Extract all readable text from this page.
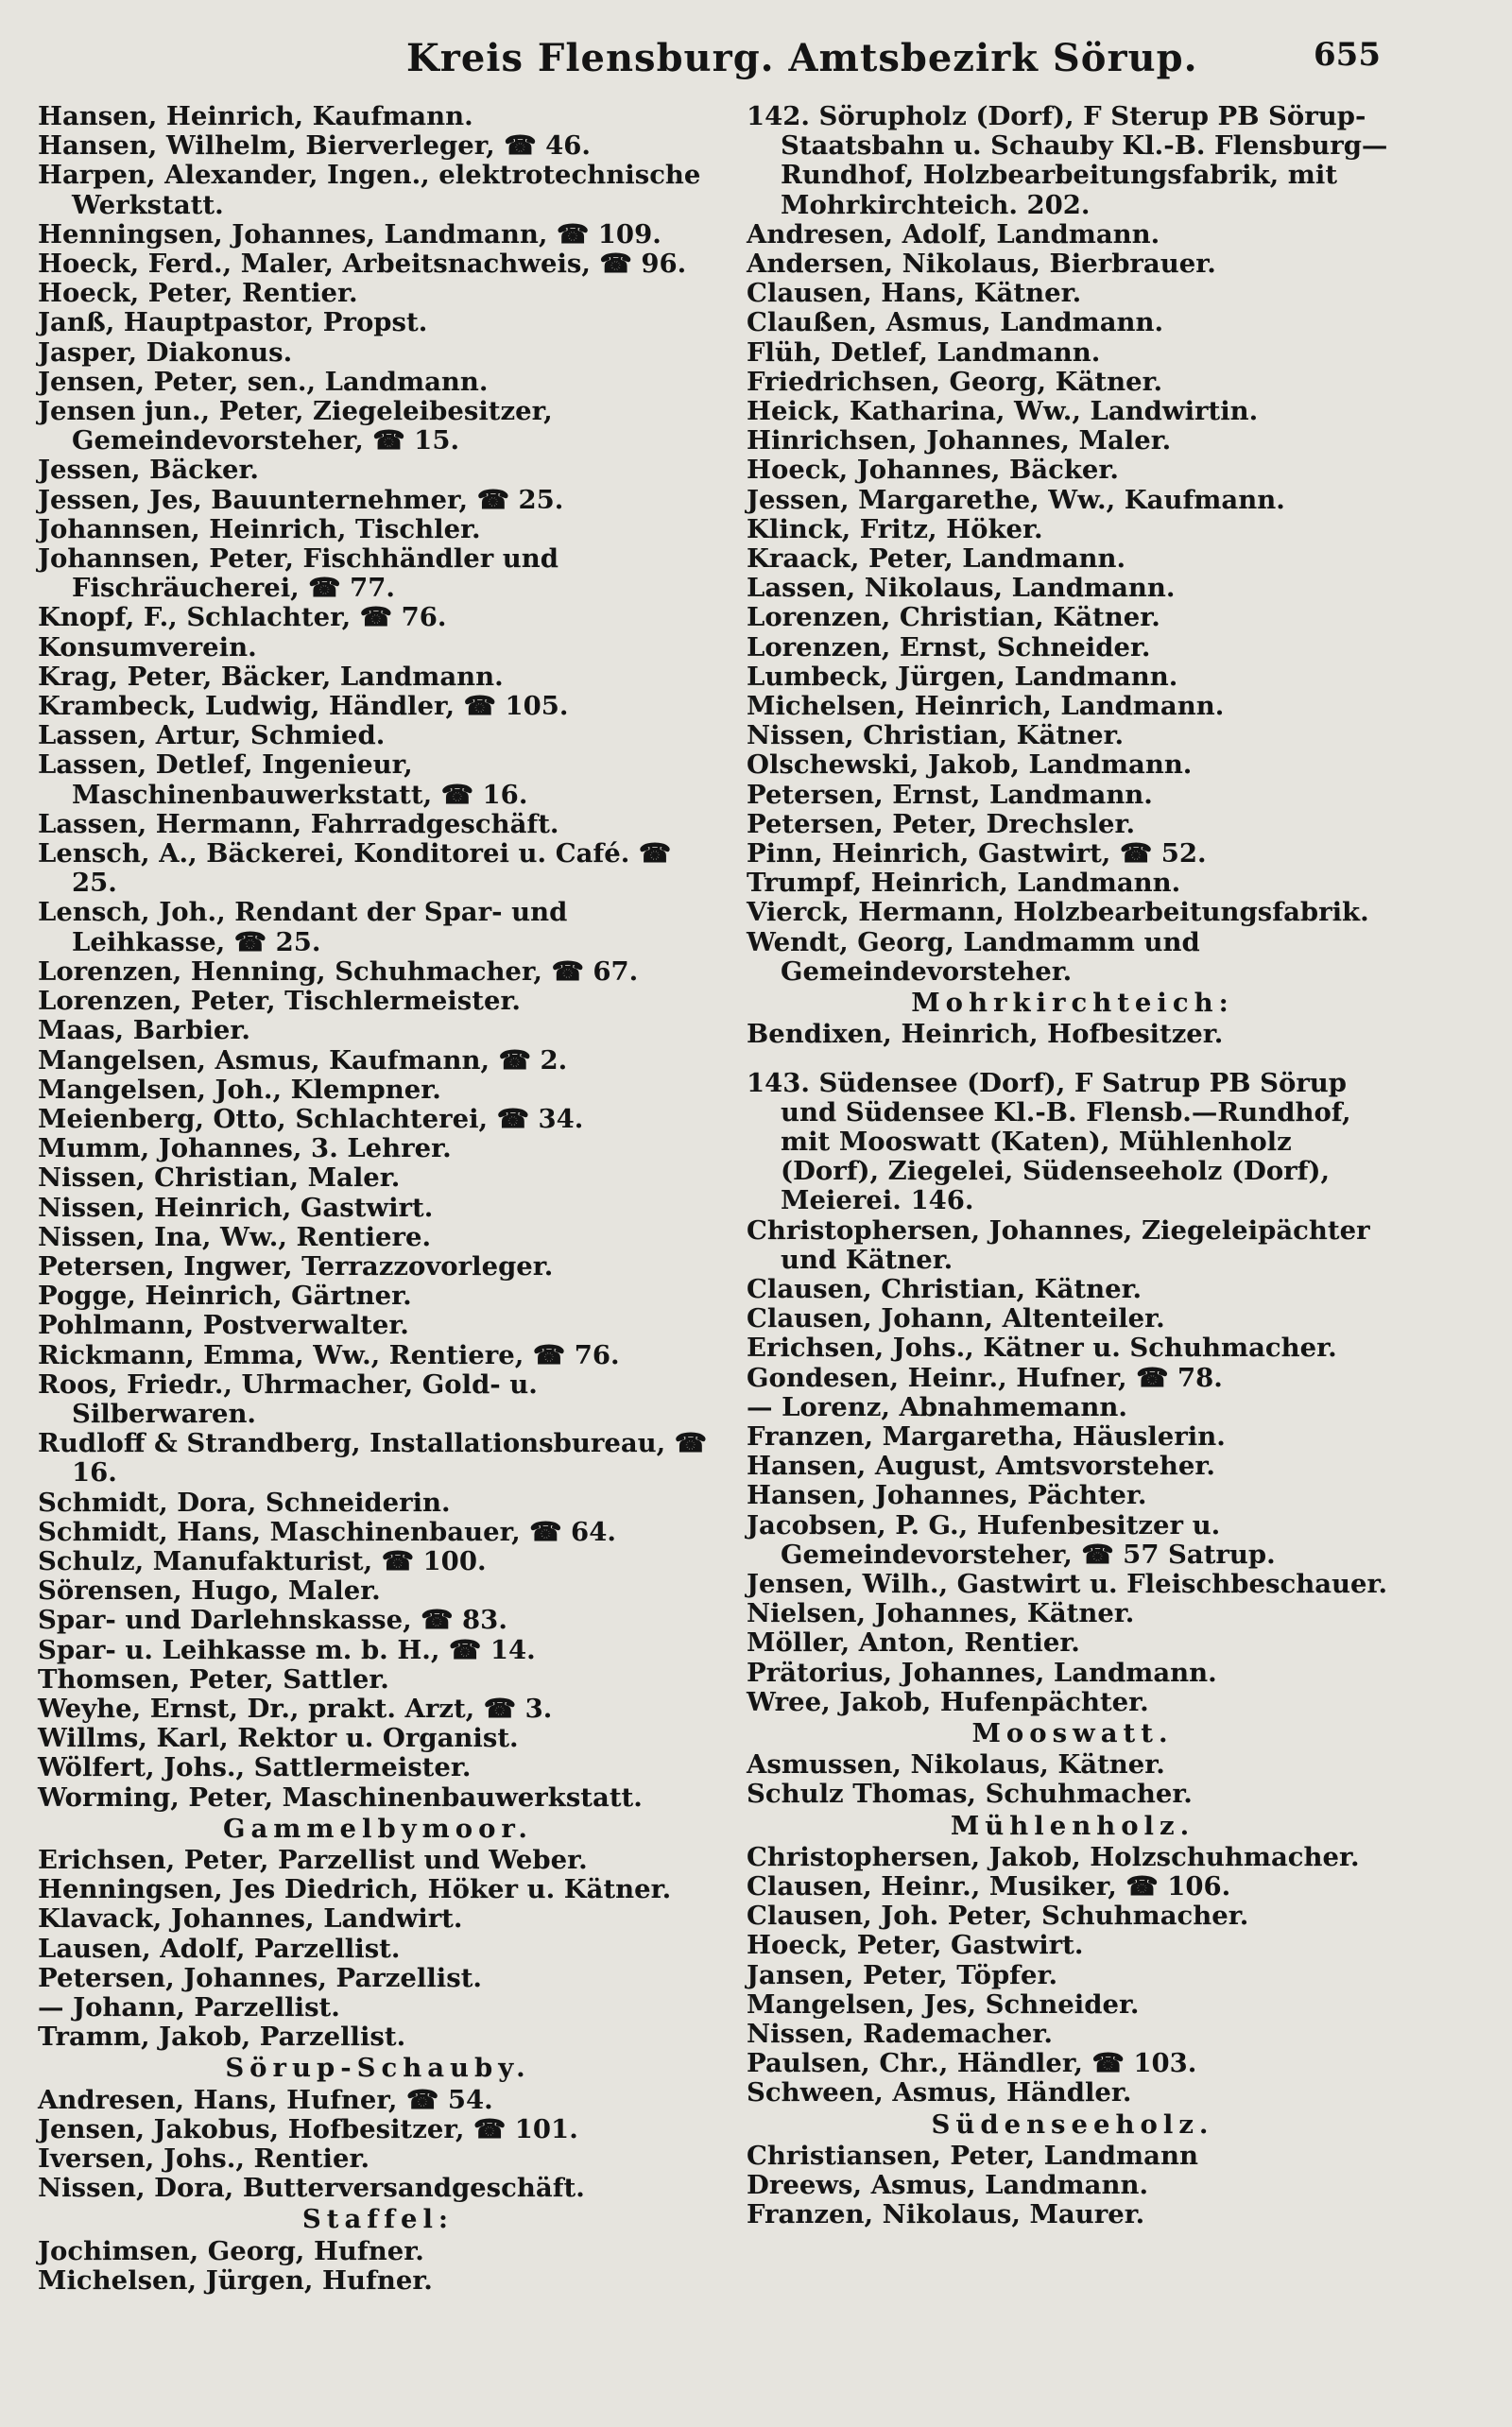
Kreis Flensburg. Amtsbezirk Sörup.	655
Hansen, Heinrich, Kaufmann.
Hansen, Wilhelm, Bierverleger, ☎ 46.
Harpen, Alexander, Ingen., elektrotechnische Werkstatt.
Henningsen, Johannes, Landmann, ☎ 109.
Hoeck, Ferd., Maler, Arbeitsnachweis, ☎ 96.
Hoeck, Peter, Rentier.
Janß, Hauptpastor, Propst.
Jasper, Diakonus.
Jensen, Peter, sen., Landmann.
Jensen jun., Peter, Ziegeleibesitzer, Gemeindevorsteher, ☎ 15.
Jessen, Bäcker.
Jessen, Jes, Bauunternehmer, ☎ 25.
Johannsen, Heinrich, Tischler.
Johannsen, Peter, Fischhändler und Fischräucherei, ☎ 77.
Knopf, F., Schlachter, ☎ 76.
Konsumverein.
Krag, Peter, Bäcker, Landmann.
Krambeck, Ludwig, Händler, ☎ 105.
Lassen, Artur, Schmied.
Lassen, Detlef, Ingenieur, Maschinenbauwerkstatt, ☎ 16.
Lassen, Hermann, Fahrradgeschäft.
Lensch, A., Bäckerei, Konditorei u. Café. ☎ 25.
Lensch, Joh., Rendant der Spar- und Leihkasse, ☎ 25.
Lorenzen, Henning, Schuhmacher, ☎ 67.
Lorenzen, Peter, Tischlermeister.
Maas, Barbier.
Mangelsen, Asmus, Kaufmann, ☎ 2.
Mangelsen, Joh., Klempner.
Meienberg, Otto, Schlachterei, ☎ 34.
Mumm, Johannes, 3. Lehrer.
Nissen, Christian, Maler.
Nissen, Heinrich, Gastwirt.
Nissen, Ina, Ww., Rentiere.
Petersen, Ingwer, Terrazzovorleger.
Pogge, Heinrich, Gärtner.
Pohlmann, Postverwalter.
Rickmann, Emma, Ww., Rentiere, ☎ 76.
Roos, Friedr., Uhrmacher, Gold- u. Silberwaren.
Rudloff & Strandberg, Installationsbureau, ☎ 16.
Schmidt, Dora, Schneiderin.
Schmidt, Hans, Maschinenbauer, ☎ 64.
Schulz, Manufakturist, ☎ 100.
Sörensen, Hugo, Maler.
Spar- und Darlehnskasse, ☎ 83.
Spar- u. Leihkasse m. b. H., ☎ 14.
Thomsen, Peter, Sattler.
Weyhe, Ernst, Dr., prakt. Arzt, ☎ 3.
Willms, Karl, Rektor u. Organist.
Wölfert, Johs., Sattlermeister.
Worming, Peter, Maschinenbauwerkstatt.
Gammelbymoor.
Erichsen, Peter, Parzellist und Weber.
Henningsen, Jes Diedrich, Höker u. Kätner.
Klavack, Johannes, Landwirt.
Lausen, Adolf, Parzellist.
Petersen, Johannes, Parzellist.
— Johann, Parzellist.
Tramm, Jakob, Parzellist.
Sörup-Schauby.
Andresen, Hans, Hufner, ☎ 54.
Jensen, Jakobus, Hofbesitzer, ☎ 101.
Iversen, Johs., Rentier.
Nissen, Dora, Butterversandgeschäft.
Staffel:
Jochimsen, Georg, Hufner.
Michelsen, Jürgen, Hufner.
142. Sörupholz (Dorf), F Sterup PB Sörup-Staatsbahn u. Schauby Kl.-B. Flensburg—Rundhof, Holzbearbeitungsfabrik, mit Mohrkirchteich. 202.
Andresen, Adolf, Landmann.
Andersen, Nikolaus, Bierbrauer.
Clausen, Hans, Kätner.
Claußen, Asmus, Landmann.
Flüh, Detlef, Landmann.
Friedrichsen, Georg, Kätner.
Heick, Katharina, Ww., Landwirtin.
Hinrichsen, Johannes, Maler.
Hoeck, Johannes, Bäcker.
Jessen, Margarethe, Ww., Kaufmann.
Klinck, Fritz, Höker.
Kraack, Peter, Landmann.
Lassen, Nikolaus, Landmann.
Lorenzen, Christian, Kätner.
Lorenzen, Ernst, Schneider.
Lumbeck, Jürgen, Landmann.
Michelsen, Heinrich, Landmann.
Nissen, Christian, Kätner.
Olschewski, Jakob, Landmann.
Petersen, Ernst, Landmann.
Petersen, Peter, Drechsler.
Pinn, Heinrich, Gastwirt, ☎ 52.
Trumpf, Heinrich, Landmann.
Vierck, Hermann, Holzbearbeitungsfabrik.
Wendt, Georg, Landmamm und Gemeindevorsteher.
Mohrkirchteich:
Bendixen, Heinrich, Hofbesitzer.
143. Südensee (Dorf), F Satrup PB Sörup und Südensee Kl.-B. Flensb.—Rundhof, mit Mooswatt (Katen), Mühlenholz (Dorf), Ziegelei, Südenseeholz (Dorf), Meierei. 146.
Christophersen, Johannes, Ziegeleipächter und Kätner.
Clausen, Christian, Kätner.
Clausen, Johann, Altenteiler.
Erichsen, Johs., Kätner u. Schuhmacher.
Gondesen, Heinr., Hufner, ☎ 78.
— Lorenz, Abnahmemann.
Franzen, Margaretha, Häuslerin.
Hansen, August, Amtsvorsteher.
Hansen, Johannes, Pächter.
Jacobsen, P. G., Hufenbesitzer u. Gemeindevorsteher, ☎ 57 Satrup.
Jensen, Wilh., Gastwirt u. Fleischbeschauer.
Nielsen, Johannes, Kätner.
Möller, Anton, Rentier.
Prätorius, Johannes, Landmann.
Wree, Jakob, Hufenpächter.
Mooswatt.
Asmussen, Nikolaus, Kätner.
Schulz Thomas, Schuhmacher.
Mühlenholz.
Christophersen, Jakob, Holzschuhmacher.
Clausen, Heinr., Musiker, ☎ 106.
Clausen, Joh. Peter, Schuhmacher.
Hoeck, Peter, Gastwirt.
Jansen, Peter, Töpfer.
Mangelsen, Jes, Schneider.
Nissen, Rademacher.
Paulsen, Chr., Händler, ☎ 103.
Schween, Asmus, Händler.
Südenseeholz.
Christiansen, Peter, Landmann
Dreews, Asmus, Landmann.
Franzen, Nikolaus, Maurer.
